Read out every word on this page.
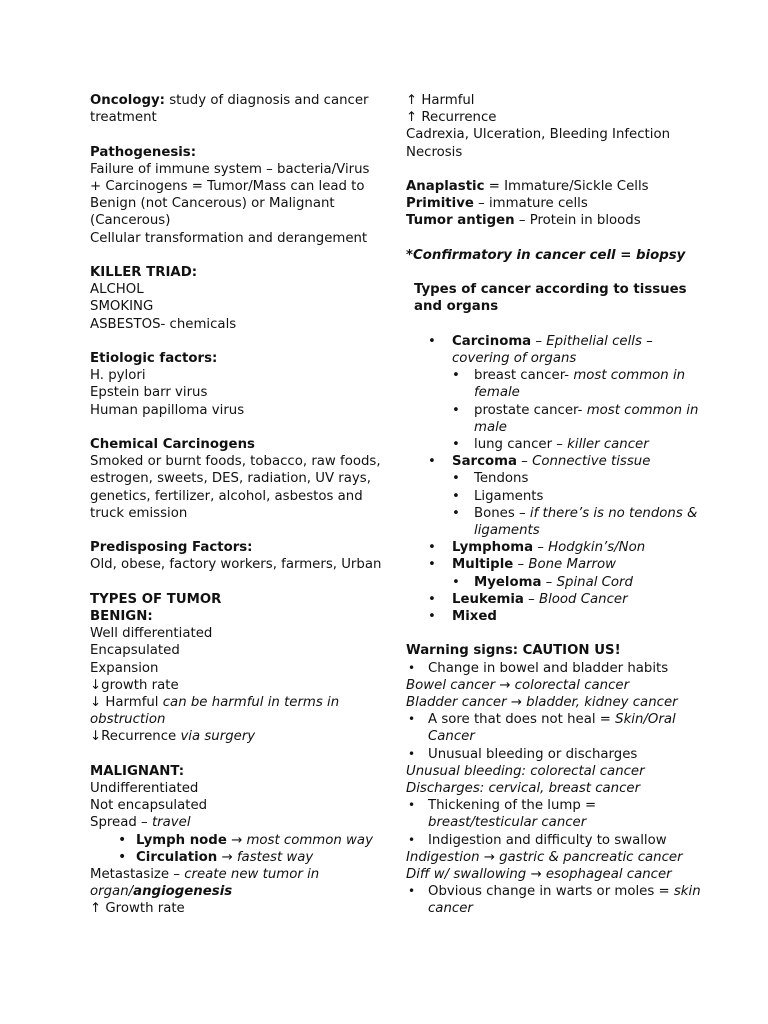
Oncology: study of diagnosis and cancer treatment
Pathogenesis:
Failure of immune system – bacteria/Virus
+ Carcinogens = Tumor/Mass can lead to
Benign (not Cancerous) or Malignant
(Cancerous)
Cellular transformation and derangement
KILLER TRIAD:
ALCHOL
SMOKING
ASBESTOS- chemicals
Etiologic factors:
H. pylori
Epstein barr virus
Human papilloma virus
Chemical Carcinogens
Smoked or burnt foods, tobacco, raw foods, estrogen, sweets, DES, radiation, UV rays, genetics, fertilizer, alcohol, asbestos and truck emission
Predisposing Factors:
Old, obese, factory workers, farmers, Urban
TYPES OF TUMOR
BENIGN:
Well differentiated
Encapsulated
Expansion
↓growth rate
↓ Harmful can be harmful in terms in obstruction
↓Recurrence via surgery
MALIGNANT:
Undifferentiated
Not encapsulated
Spread – travel
• Lymph node → most common way
• Circulation → fastest way
Metastasize – create new tumor in organ/angiogenesis
↑ Growth rate
↑ Harmful
↑ Recurrence
Cadrexia, Ulceration, Bleeding Infection
Necrosis
Anaplastic = Immature/Sickle Cells
Primitive – immature cells
Tumor antigen – Protein in bloods
*Confirmatory in cancer cell = biopsy
Types of cancer according to tissues and organs
• Carcinoma – Epithelial cells – covering of organs
• breast cancer- most common in female
• prostate cancer- most common in male
• lung cancer – killer cancer
• Sarcoma – Connective tissue
• Tendons
• Ligaments
• Bones – if there’s is no tendons & ligaments
• Lymphoma – Hodgkin’s/Non
• Multiple – Bone Marrow
• Myeloma – Spinal Cord
• Leukemia – Blood Cancer
• Mixed
Warning signs: CAUTION US!
• Change in bowel and bladder habits
Bowel cancer → colorectal cancer
Bladder cancer → bladder, kidney cancer
• A sore that does not heal = Skin/Oral Cancer
• Unusual bleeding or discharges
Unusual bleeding: colorectal cancer
Discharges: cervical, breast cancer
• Thickening of the lump = breast/testicular cancer
• Indigestion and difficulty to swallow
Indigestion → gastric & pancreatic cancer
Diff w/ swallowing → esophageal cancer
• Obvious change in warts or moles = skin cancer
